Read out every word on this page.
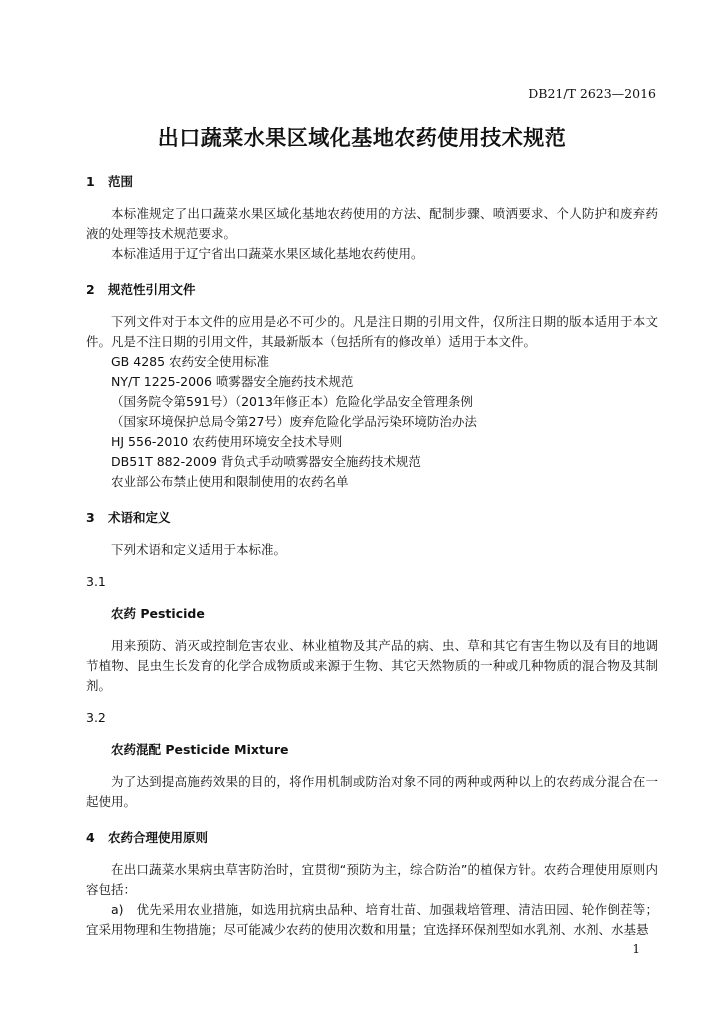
DB21/T 2623—2016
出口蔬菜水果区域化基地农药使用技术规范

1 范围

本标准规定了出口蔬菜水果区域化基地农药使用的方法、配制步骤、喷洒要求、个人防护和废弃药液的处理等技术规范要求。

本标准适用于辽宁省出口蔬菜水果区域化基地农药使用。

2 规范性引用文件

下列文件对于本文件的应用是必不可少的。凡是注日期的引用文件，仅所注日期的版本适用于本文件。凡是不注日期的引用文件，其最新版本（包括所有的修改单）适用于本文件。

GB 4285 农药安全使用标准

NY/T 1225-2006 喷雾器安全施药技术规范

（国务院令第591号）（2013年修正本）危险化学品安全管理条例

（国家环境保护总局令第27号）废弃危险化学品污染环境防治办法

HJ 556-2010 农药使用环境安全技术导则

DB51T 882-2009 背负式手动喷雾器安全施药技术规范

农业部公布禁止使用和限制使用的农药名单

3 术语和定义

下列术语和定义适用于本标准。

3.1

农药 Pesticide

用来预防、消灭或控制危害农业、林业植物及其产品的病、虫、草和其它有害生物以及有目的地调节植物、昆虫生长发育的化学合成物质或来源于生物、其它天然物质的一种或几种物质的混合物及其制剂。

3.2

农药混配 Pesticide Mixture

为了达到提高施药效果的目的，将作用机制或防治对象不同的两种或两种以上的农药成分混合在一起使用。

4 农药合理使用原则

在出口蔬菜水果病虫草害防治时，宜贯彻“预防为主，综合防治”的植保方针。农药合理使用原则内容包括：

a)　优先采用农业措施，如选用抗病虫品种、培育壮苗、加强栽培管理、清洁田园、轮作倒茬等；宜采用物理和生物措施；尽可能减少农药的使用次数和用量；宜选择环保剂型如水乳剂、水剂、水基悬

1
